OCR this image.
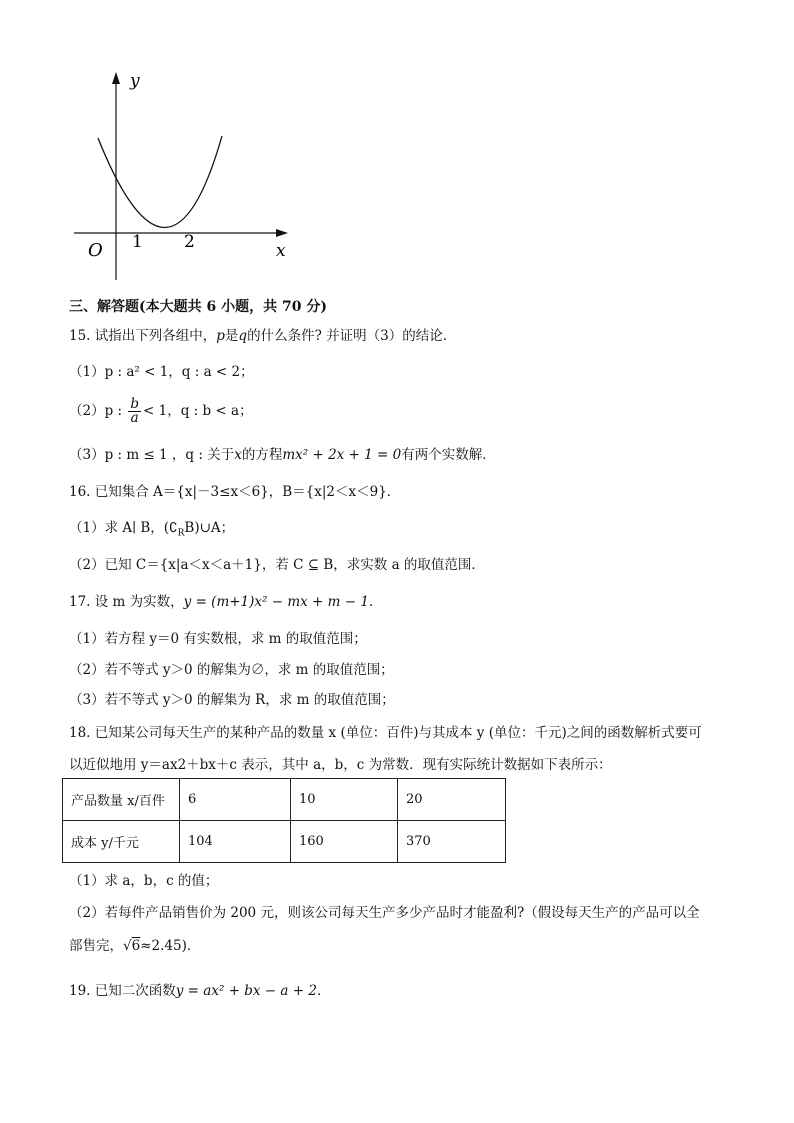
y
x
O 1 2
三、解答题(本大题共 6 小题，共 70 分)
15. 试指出下列各组中，p是q的什么条件? 并证明（3）的结论．
（1）p : a² < 1，q : a < 2；
（2）p : $\frac{b}{a} < 1$，q : b < a；
（3）p : m ≤ 1 ，q : 关于x的方程mx² + 2x + 1 = 0有两个实数解．
16. 已知集合 A＝{x|－3≤x＜6}，B＝{x|2＜x＜9}．
（1）求 A∣ B，$(∁_RB)\cup A$；
（2）已知 C＝{x|a＜x＜a＋1}，若 C ⊆ B，求实数 a 的取值范围．
17. 设 m 为实数，y = (m+1)x² − mx + m − 1．
（1）若方程 y＝0 有实数根，求 m 的取值范围；
（2）若不等式 y＞0 的解集为∅，求 m 的取值范围；
（3）若不等式 y＞0 的解集为 R，求 m 的取值范围；
18. 已知某公司每天生产的某种产品的数量 x (单位：百件)与其成本 y (单位：千元)之间的函数解析式要可
以近似地用 y＝ax2＋bx＋c 表示，其中 a，b，c 为常数．现有实际统计数据如下表所示：
产品数量 x/百件	6	10	20
成本 y/千元	104	160	370
（1）求 a，b，c 的值；
（2）若每件产品销售价为 200 元，则该公司每天生产多少产品时才能盈利?（假设每天生产的产品可以全
部售完，√6≈2.45)．
19. 已知二次函数y = ax² + bx − a + 2．
